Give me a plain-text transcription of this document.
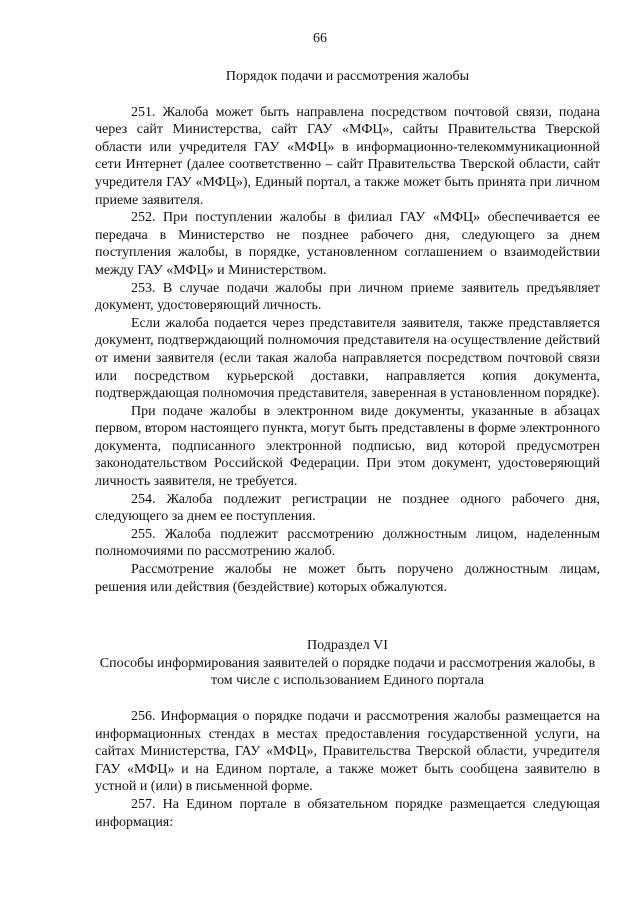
66

Порядок подачи и рассмотрения жалобы

251. Жалоба может быть направлена посредством почтовой связи, подана через сайт Министерства, сайт ГАУ «МФЦ», сайты Правительства Тверской области или учредителя ГАУ «МФЦ» в информационно-телекоммуникационной сети Интернет (далее соответственно – сайт Правительства Тверской области, сайт учредителя ГАУ «МФЦ»), Единый портал, а также может быть принята при личном приеме заявителя.

252. При поступлении жалобы в филиал ГАУ «МФЦ» обеспечивается ее передача в Министерство не позднее рабочего дня, следующего за днем поступления жалобы, в порядке, установленном соглашением о взаимодействии между ГАУ «МФЦ» и Министерством.

253. В случае подачи жалобы при личном приеме заявитель предъявляет документ, удостоверяющий личность.

Если жалоба подается через представителя заявителя, также представляется документ, подтверждающий полномочия представителя на осуществление действий от имени заявителя (если такая жалоба направляется посредством почтовой связи или посредством курьерской доставки, направляется копия документа, подтверждающая полномочия представителя, заверенная в установленном порядке).

При подаче жалобы в электронном виде документы, указанные в абзацах первом, втором настоящего пункта, могут быть представлены в форме электронного документа, подписанного электронной подписью, вид которой предусмотрен законодательством Российской Федерации. При этом документ, удостоверяющий личность заявителя, не требуется.

254. Жалоба подлежит регистрации не позднее одного рабочего дня, следующего за днем ее поступления.

255. Жалоба подлежит рассмотрению должностным лицом, наделенным полномочиями по рассмотрению жалоб.

Рассмотрение жалобы не может быть поручено должностным лицам, решения или действия (бездействие) которых обжалуются.

Подраздел VI

Способы информирования заявителей о порядке подачи и рассмотрения жалобы, в том числе с использованием Единого портала

256. Информация о порядке подачи и рассмотрения жалобы размещается на информационных стендах в местах предоставления государственной услуги, на сайтах Министерства, ГАУ «МФЦ», Правительства Тверской области, учредителя ГАУ «МФЦ» и на Едином портале, а также может быть сообщена заявителю в устной и (или) в письменной форме.

257. На Едином портале в обязательном порядке размещается следующая информация:
